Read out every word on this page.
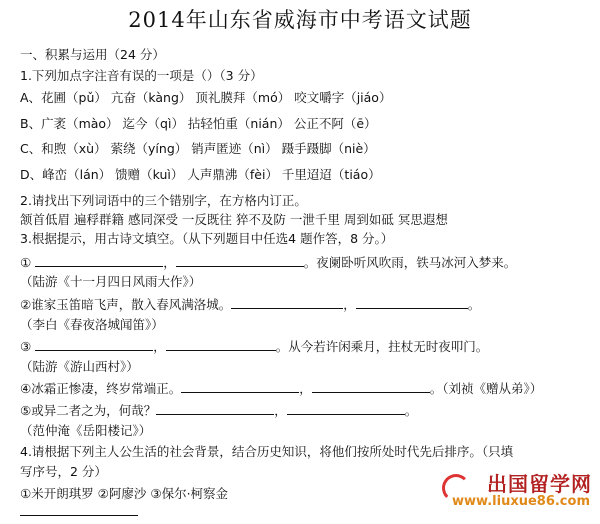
2014年山东省威海市中考语文试题
一、积累与运用（24 分）
1.下列加点字注音有误的一项是（）（3 分）
A、花圃（pǔ） 亢奋（kàng） 顶礼膜拜（mó） 咬文嚼字（jiáo）
B、广袤（mào） 迄今（qì） 拈轻怕重（nián） 公正不阿（ē）
C、和煦（xù） 萦绕（yíng） 销声匿迹（nì） 蹑手蹑脚（niè）
D、峰峦（lán） 馈赠（kuì） 人声鼎沸（fèi） 千里迢迢（tiáo）
2.请找出下列词语中的三个错别字，在方格内订正。
颔首低眉 遍稃群籍 感同深受 一反既往 猝不及防 一泄千里 周到如砥 冥思遐想
3.根据提示，用古诗文填空。（从下列题目中任选4 题作答，8 分。）
①	，	。夜阑卧听风吹雨，铁马冰河入梦来。
（陆游《十一月四日风雨大作》）
②谁家玉笛暗飞声，散入春风满洛城。	，	。
（李白《春夜洛城闻笛》）
③	，	。从今若许闲乘月，拄杖无时夜叩门。
（陆游《游山西村》）
④冰霜正惨凄，终岁常端正。	，	。（刘祯《赠从弟》）
⑤或异二者之为，何哉？	，	。
（范仲淹《岳阳楼记》）
4.请根据下列主人公生活的社会背景，结合历史知识，将他们按所处时代先后排序。（只填
写序号，2 分）
①米开朗琪罗 ②阿廖沙 ③保尔·柯察金	出国留学网
www.liuxue86.com
